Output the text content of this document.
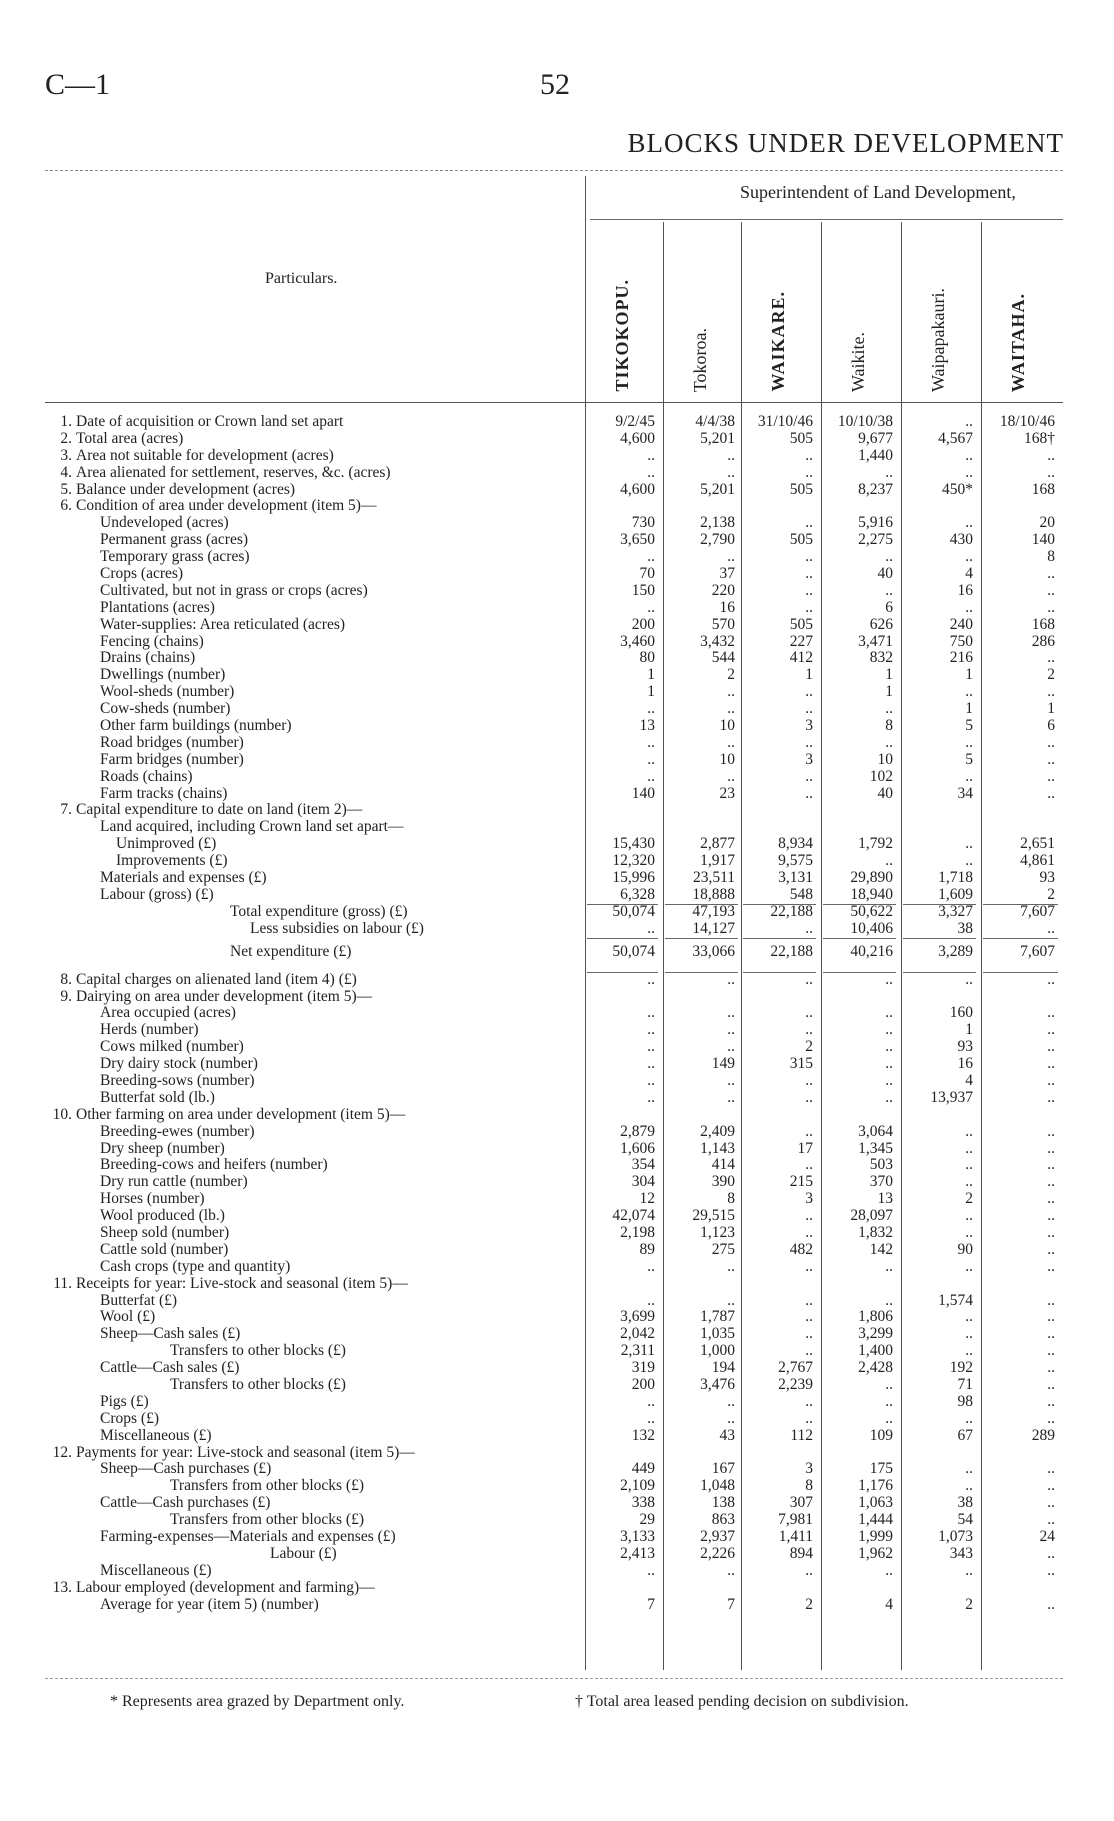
C—1	52
BLOCKS UNDER DEVELOPMENT
Superintendent of Land Development,
Particulars.
TIKOKOPU.	Tokoroa.	WAIKARE.	Waikite.	Waipapakauri.	WAITAHA.
1. Date of acquisition or Crown land set apart	9/2/45	4/4/38	31/10/46	10/10/38	..	18/10/46
2. Total area (acres)	4,600	5,201	505	9,677	4,567	168†
3. Area not suitable for development (acres)	..	..	..	1,440	..	..
4. Area alienated for settlement, reserves, &c. (acres)	..	..	..	..	..	..
5. Balance under development (acres)	4,600	5,201	505	8,237	450*	168
6. Condition of area under development (item 5)—
Undeveloped (acres)	730	2,138	..	5,916	..	20
Permanent grass (acres)	3,650	2,790	505	2,275	430	140
Temporary grass (acres)	..	..	..	..	..	8
Crops (acres)	70	37	..	40	4	..
Cultivated, but not in grass or crops (acres)	150	220	..	..	16	..
Plantations (acres)	..	16	..	6	..	..
Water-supplies: Area reticulated (acres)	200	570	505	626	240	168
Fencing (chains)	3,460	3,432	227	3,471	750	286
Drains (chains)	80	544	412	832	216	..
Dwellings (number)	1	2	1	1	1	2
Wool-sheds (number)	1	..	..	1	..	..
Cow-sheds (number)	..	..	..	..	1	1
Other farm buildings (number)	13	10	3	8	5	6
Road bridges (number)	..	..	..	..	..	..
Farm bridges (number)	..	10	3	10	5	..
Roads (chains)	..	..	..	102	..	..
Farm tracks (chains)	140	23	..	40	34	..
7. Capital expenditure to date on land (item 2)—
Land acquired, including Crown land set apart—
Unimproved (£)	15,430	2,877	8,934	1,792	..	2,651
Improvements (£)	12,320	1,917	9,575	..	..	4,861
Materials and expenses (£)	15,996	23,511	3,131	29,890	1,718	93
Labour (gross) (£)	6,328	18,888	548	18,940	1,609	2
Total expenditure (gross) (£)	50,074	47,193	22,188	50,622	3,327	7,607
Less subsidies on labour (£)	..	14,127	..	10,406	38	..
Net expenditure (£)	50,074	33,066	22,188	40,216	3,289	7,607
8. Capital charges on alienated land (item 4) (£)	..	..	..	..	..	..
9. Dairying on area under development (item 5)—
Area occupied (acres)	..	..	..	..	160	..
Herds (number)	..	..	..	..	1	..
Cows milked (number)	..	..	2	..	93	..
Dry dairy stock (number)	..	149	315	..	16	..
Breeding-sows (number)	..	..	..	..	4	..
Butterfat sold (lb.)	..	..	..	..	13,937	..
10. Other farming on area under development (item 5)—
Breeding-ewes (number)	2,879	2,409	..	3,064	..	..
Dry sheep (number)	1,606	1,143	17	1,345	..	..
Breeding-cows and heifers (number)	354	414	..	503	..	..
Dry run cattle (number)	304	390	215	370	..	..
Horses (number)	12	8	3	13	2	..
Wool produced (lb.)	42,074	29,515	..	28,097	..	..
Sheep sold (number)	2,198	1,123	..	1,832	..	..
Cattle sold (number)	89	275	482	142	90	..
Cash crops (type and quantity)	..	..	..	..	..	..
11. Receipts for year: Live-stock and seasonal (item 5)—
Butterfat (£)	..	..	..	..	1,574	..
Wool (£)	3,699	1,787	..	1,806	..	..
Sheep—Cash sales (£)	2,042	1,035	..	3,299	..	..
Transfers to other blocks (£)	2,311	1,000	..	1,400	..	..
Cattle—Cash sales (£)	319	194	2,767	2,428	192	..
Transfers to other blocks (£)	200	3,476	2,239	..	71	..
Pigs (£)	..	..	..	..	98	..
Crops (£)	..	..	..	..	..	..
Miscellaneous (£)	132	43	112	109	67	289
12. Payments for year: Live-stock and seasonal (item 5)—
Sheep—Cash purchases (£)	449	167	3	175	..	..
Transfers from other blocks (£)	2,109	1,048	8	1,176	..	..
Cattle—Cash purchases (£)	338	138	307	1,063	38	..
Transfers from other blocks (£)	29	863	7,981	1,444	54	..
Farming-expenses—Materials and expenses (£)	3,133	2,937	1,411	1,999	1,073	24
Labour (£)	2,413	2,226	894	1,962	343	..
Miscellaneous (£)	..	..	..	..	..	..
13. Labour employed (development and farming)—
Average for year (item 5) (number)	7	7	2	4	2	..
* Represents area grazed by Department only.	† Total area leased pending decision on subdivision.
